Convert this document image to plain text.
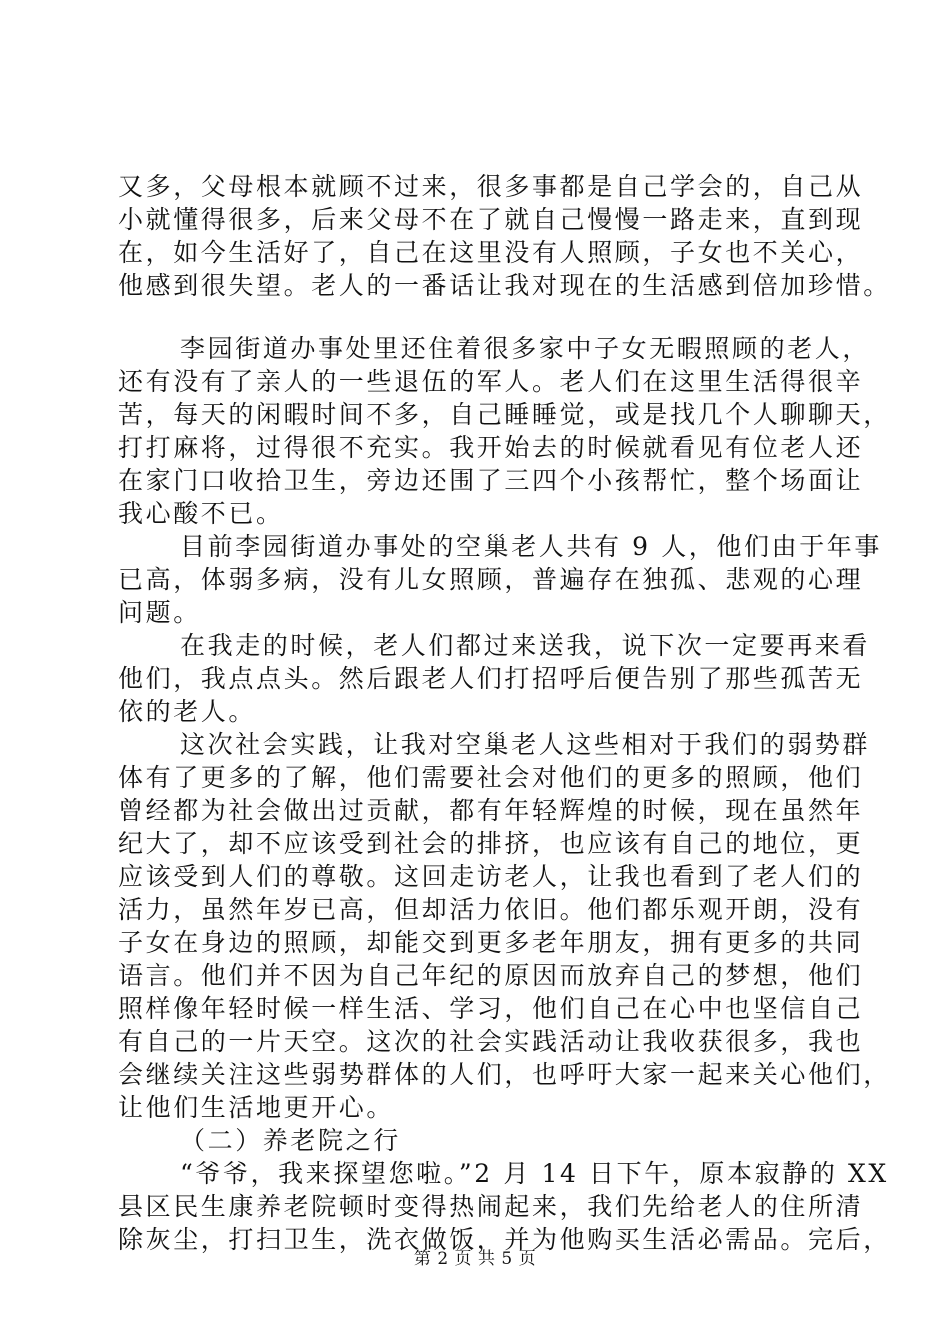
又多，父母根本就顾不过来，很多事都是自己学会的，自己从
小就懂得很多，后来父母不在了就自己慢慢一路走来，直到现
在，如今生活好了，自己在这里没有人照顾，子女也不关心，
他感到很失望。老人的一番话让我对现在的生活感到倍加珍惜。
李园街道办事处里还住着很多家中子女无暇照顾的老人，
还有没有了亲人的一些退伍的军人。老人们在这里生活得很辛
苦，每天的闲暇时间不多，自己睡睡觉，或是找几个人聊聊天，
打打麻将，过得很不充实。我开始去的时候就看见有位老人还
在家门口收拾卫生，旁边还围了三四个小孩帮忙，整个场面让
我心酸不已。
目前李园街道办事处的空巢老人共有 9 人，他们由于年事
已高，体弱多病，没有儿女照顾，普遍存在独孤、悲观的心理
问题。
在我走的时候，老人们都过来送我，说下次一定要再来看
他们，我点点头。然后跟老人们打招呼后便告别了那些孤苦无
依的老人。
这次社会实践，让我对空巢老人这些相对于我们的弱势群
体有了更多的了解，他们需要社会对他们的更多的照顾，他们
曾经都为社会做出过贡献，都有年轻辉煌的时候，现在虽然年
纪大了，却不应该受到社会的排挤，也应该有自己的地位，更
应该受到人们的尊敬。这回走访老人，让我也看到了老人们的
活力，虽然年岁已高，但却活力依旧。他们都乐观开朗，没有
子女在身边的照顾，却能交到更多老年朋友，拥有更多的共同
语言。他们并不因为自己年纪的原因而放弃自己的梦想，他们
照样像年轻时候一样生活、学习，他们自己在心中也坚信自己
有自己的一片天空。这次的社会实践活动让我收获很多，我也
会继续关注这些弱势群体的人们，也呼吁大家一起来关心他们，
让他们生活地更开心。
（二）养老院之行
“爷爷，我来探望您啦。”2 月 14 日下午，原本寂静的 XX
县区民生康养老院顿时变得热闹起来，我们先给老人的住所清
除灰尘，打扫卫生，洗衣做饭，并为他购买生活必需品。完后，
第 2 页 共 5 页
